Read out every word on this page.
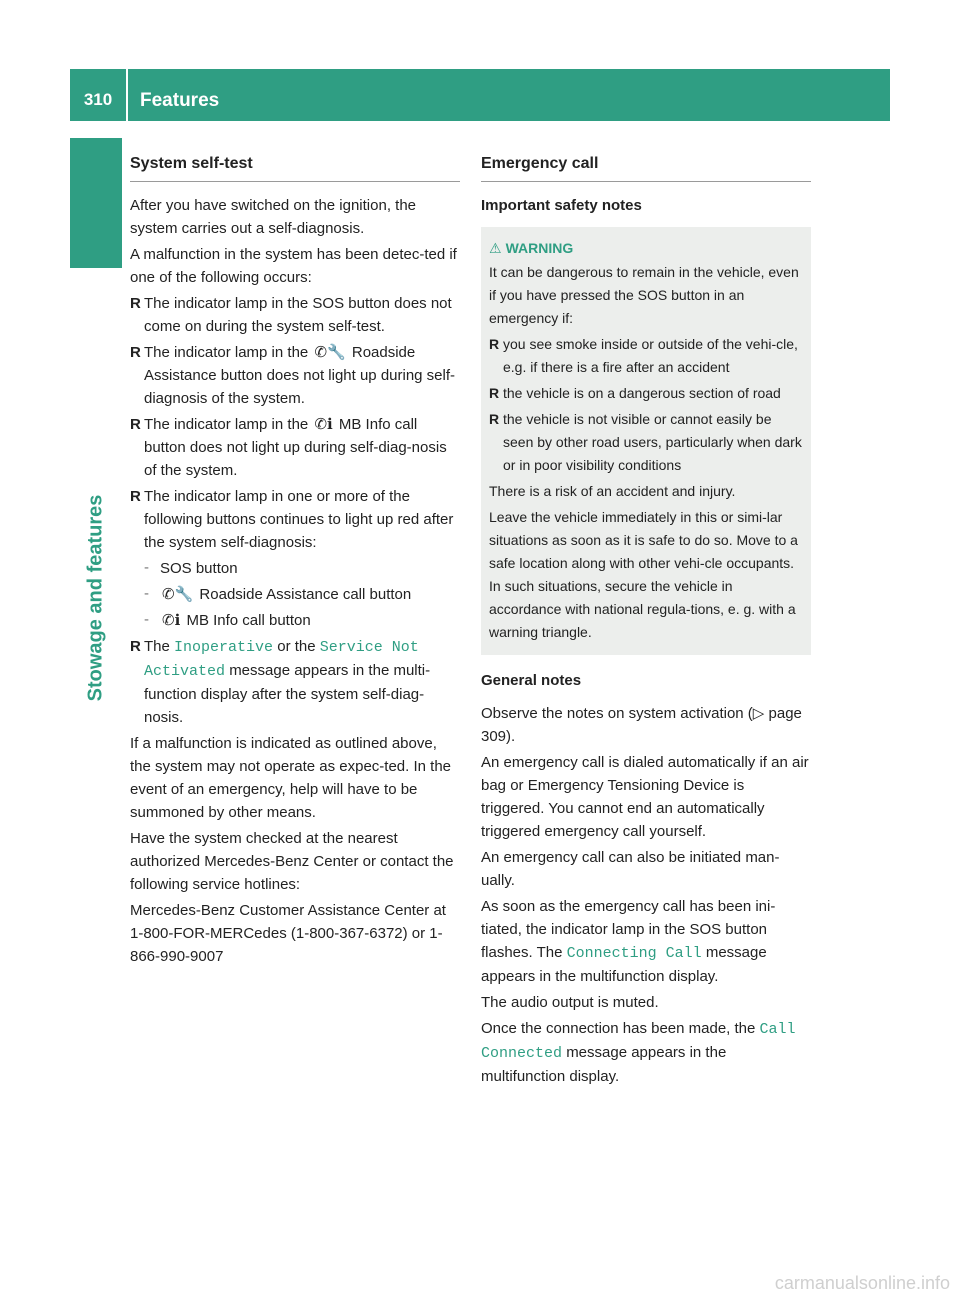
310	Features
Stowage and features
System self-test

After you have switched on the ignition, the system carries out a self-diagnosis.

A malfunction in the system has been detec-ted if one of the following occurs:

R The indicator lamp in the SOS button does not come on during the system self-test.
R The indicator lamp in the ✆🔧 Roadside Assistance button does not light up during self-diagnosis of the system.
R The indicator lamp in the ✆ℹ MB Info call button does not light up during self-diag-nosis of the system.
R The indicator lamp in one or more of the following buttons continues to light up red after the system self-diagnosis:
- SOS button
- ✆🔧 Roadside Assistance call button
- ✆ℹ MB Info call button
R The Inoperative or the Service Not Activated message appears in the multi-function display after the system self-diag-nosis.

If a malfunction is indicated as outlined above, the system may not operate as expec-ted. In the event of an emergency, help will have to be summoned by other means.

Have the system checked at the nearest authorized Mercedes-Benz Center or contact the following service hotlines:

Mercedes-Benz Customer Assistance Center at 1-800-FOR-MERCedes (1-800-367-6372) or 1-866-990-9007

Emergency call
Important safety notes
⚠ WARNING

It can be dangerous to remain in the vehicle, even if you have pressed the SOS button in an emergency if:

R you see smoke inside or outside of the vehi-cle, e.g. if there is a fire after an accident
R the vehicle is on a dangerous section of road
R the vehicle is not visible or cannot easily be seen by other road users, particularly when dark or in poor visibility conditions

There is a risk of an accident and injury.

Leave the vehicle immediately in this or simi-lar situations as soon as it is safe to do so. Move to a safe location along with other vehi-cle occupants. In such situations, secure the vehicle in accordance with national regula-tions, e. g. with a warning triangle.

General notes

Observe the notes on system activation (▷ page 309).

An emergency call is dialed automatically if an air bag or Emergency Tensioning Device is triggered. You cannot end an automatically triggered emergency call yourself.

An emergency call can also be initiated man-ually.

As soon as the emergency call has been ini-tiated, the indicator lamp in the SOS button flashes. The Connecting Call message appears in the multifunction display.

The audio output is muted.

Once the connection has been made, the Call Connected message appears in the multifunction display.

carmanualsonline.info
